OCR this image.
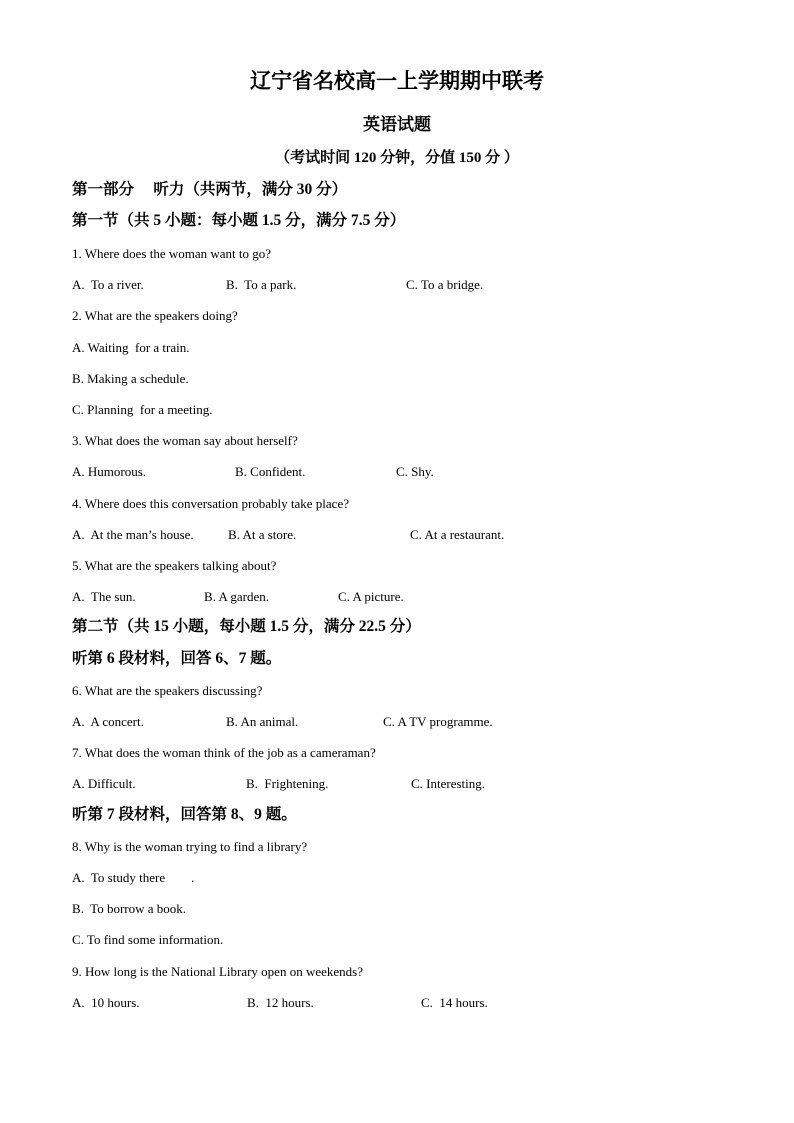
辽宁省名校高一上学期期中联考
英语试题
（考试时间 120 分钟，分值 150 分 ）
第一部分     听力（共两节，满分 30 分）
第一节（共 5 小题：每小题 1.5 分，满分 7.5 分）
1. Where does the woman want to go?
A.  To a river.	B.  To a park.	C. To a bridge.
2. What are the speakers doing?
A. Waiting  for a train.
B. Making a schedule.
C. Planning  for a meeting.
3. What does the woman say about herself?
A. Humorous.	B. Confident.	C. Shy.
4. Where does this conversation probably take place?
A.  At the man’s house.	B. At a store.	C. At a restaurant.
5. What are the speakers talking about?
A.  The sun.	B. A garden.	C. A picture.
第二节（共 15 小题，每小题 1.5 分，满分 22.5 分）
听第 6 段材料，回答 6、7 题。
6. What are the speakers discussing?
A.  A concert.	B. An animal.	C. A TV programme.
7. What does the woman think of the job as a cameraman?
A. Difficult.	B.  Frightening.	C. Interesting.
听第 7 段材料，回答第 8、9 题。
8. Why is the woman trying to find a library?
A.  To study there        .
B.  To borrow a book.
C. To find some information.
9. How long is the National Library open on weekends?
A.  10 hours.	B.  12 hours.	C.  14 hours.
